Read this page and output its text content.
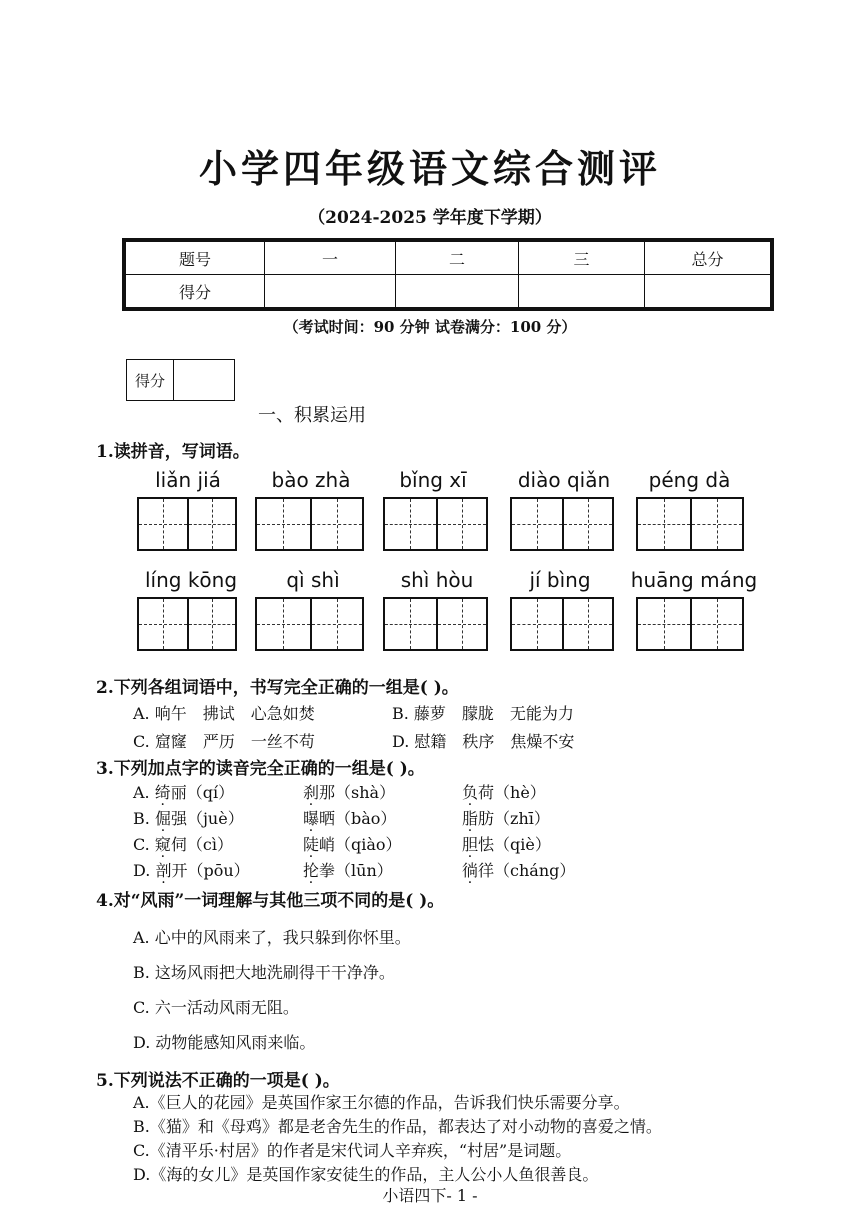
小学四年级语文综合测评
（2024-2025 学年度下学期）
题号	一	二	三	总分
得分				
（考试时间：90 分钟 试卷满分：100 分）
得分
一、积累运用
1.读拼音，写词语。
liǎn jiá	bào zhà	bǐng xī	diào qiǎn	péng dà
líng kōng	qì shì	shì hòu	jí bìng	huāng máng
2.下列各组词语中，书写完全正确的一组是( )。
A. 响午　拂试　心急如焚	B. 藤萝　朦胧　无能为力
C. 窟窿　严历　一丝不苟	D. 慰籍　秩序　焦燥不安
3.下列加点字的读音完全正确的一组是( )。
A. 绮丽（qí）	刹那（shà）	负荷（hè）
B. 倔强（juè）	曝晒（bào）	脂肪（zhī）
C. 窥伺（cì）	陡峭（qiào）	胆怯（qiè）
D. 剖开（pōu）	抡拳（lūn）	徜徉（cháng）
4.对“风雨”一词理解与其他三项不同的是( )。
A. 心中的风雨来了，我只躲到你怀里。
B. 这场风雨把大地洗刷得干干净净。
C. 六一活动风雨无阻。
D. 动物能感知风雨来临。
5.下列说法不正确的一项是( )。
A.《巨人的花园》是英国作家王尔德的作品，告诉我们快乐需要分享。
B.《猫》和《母鸡》都是老舍先生的作品，都表达了对小动物的喜爱之情。
C.《清平乐·村居》的作者是宋代词人辛弃疾，“村居”是词题。
D.《海的女儿》是英国作家安徒生的作品，主人公小人鱼很善良。
小语四下- 1 -
